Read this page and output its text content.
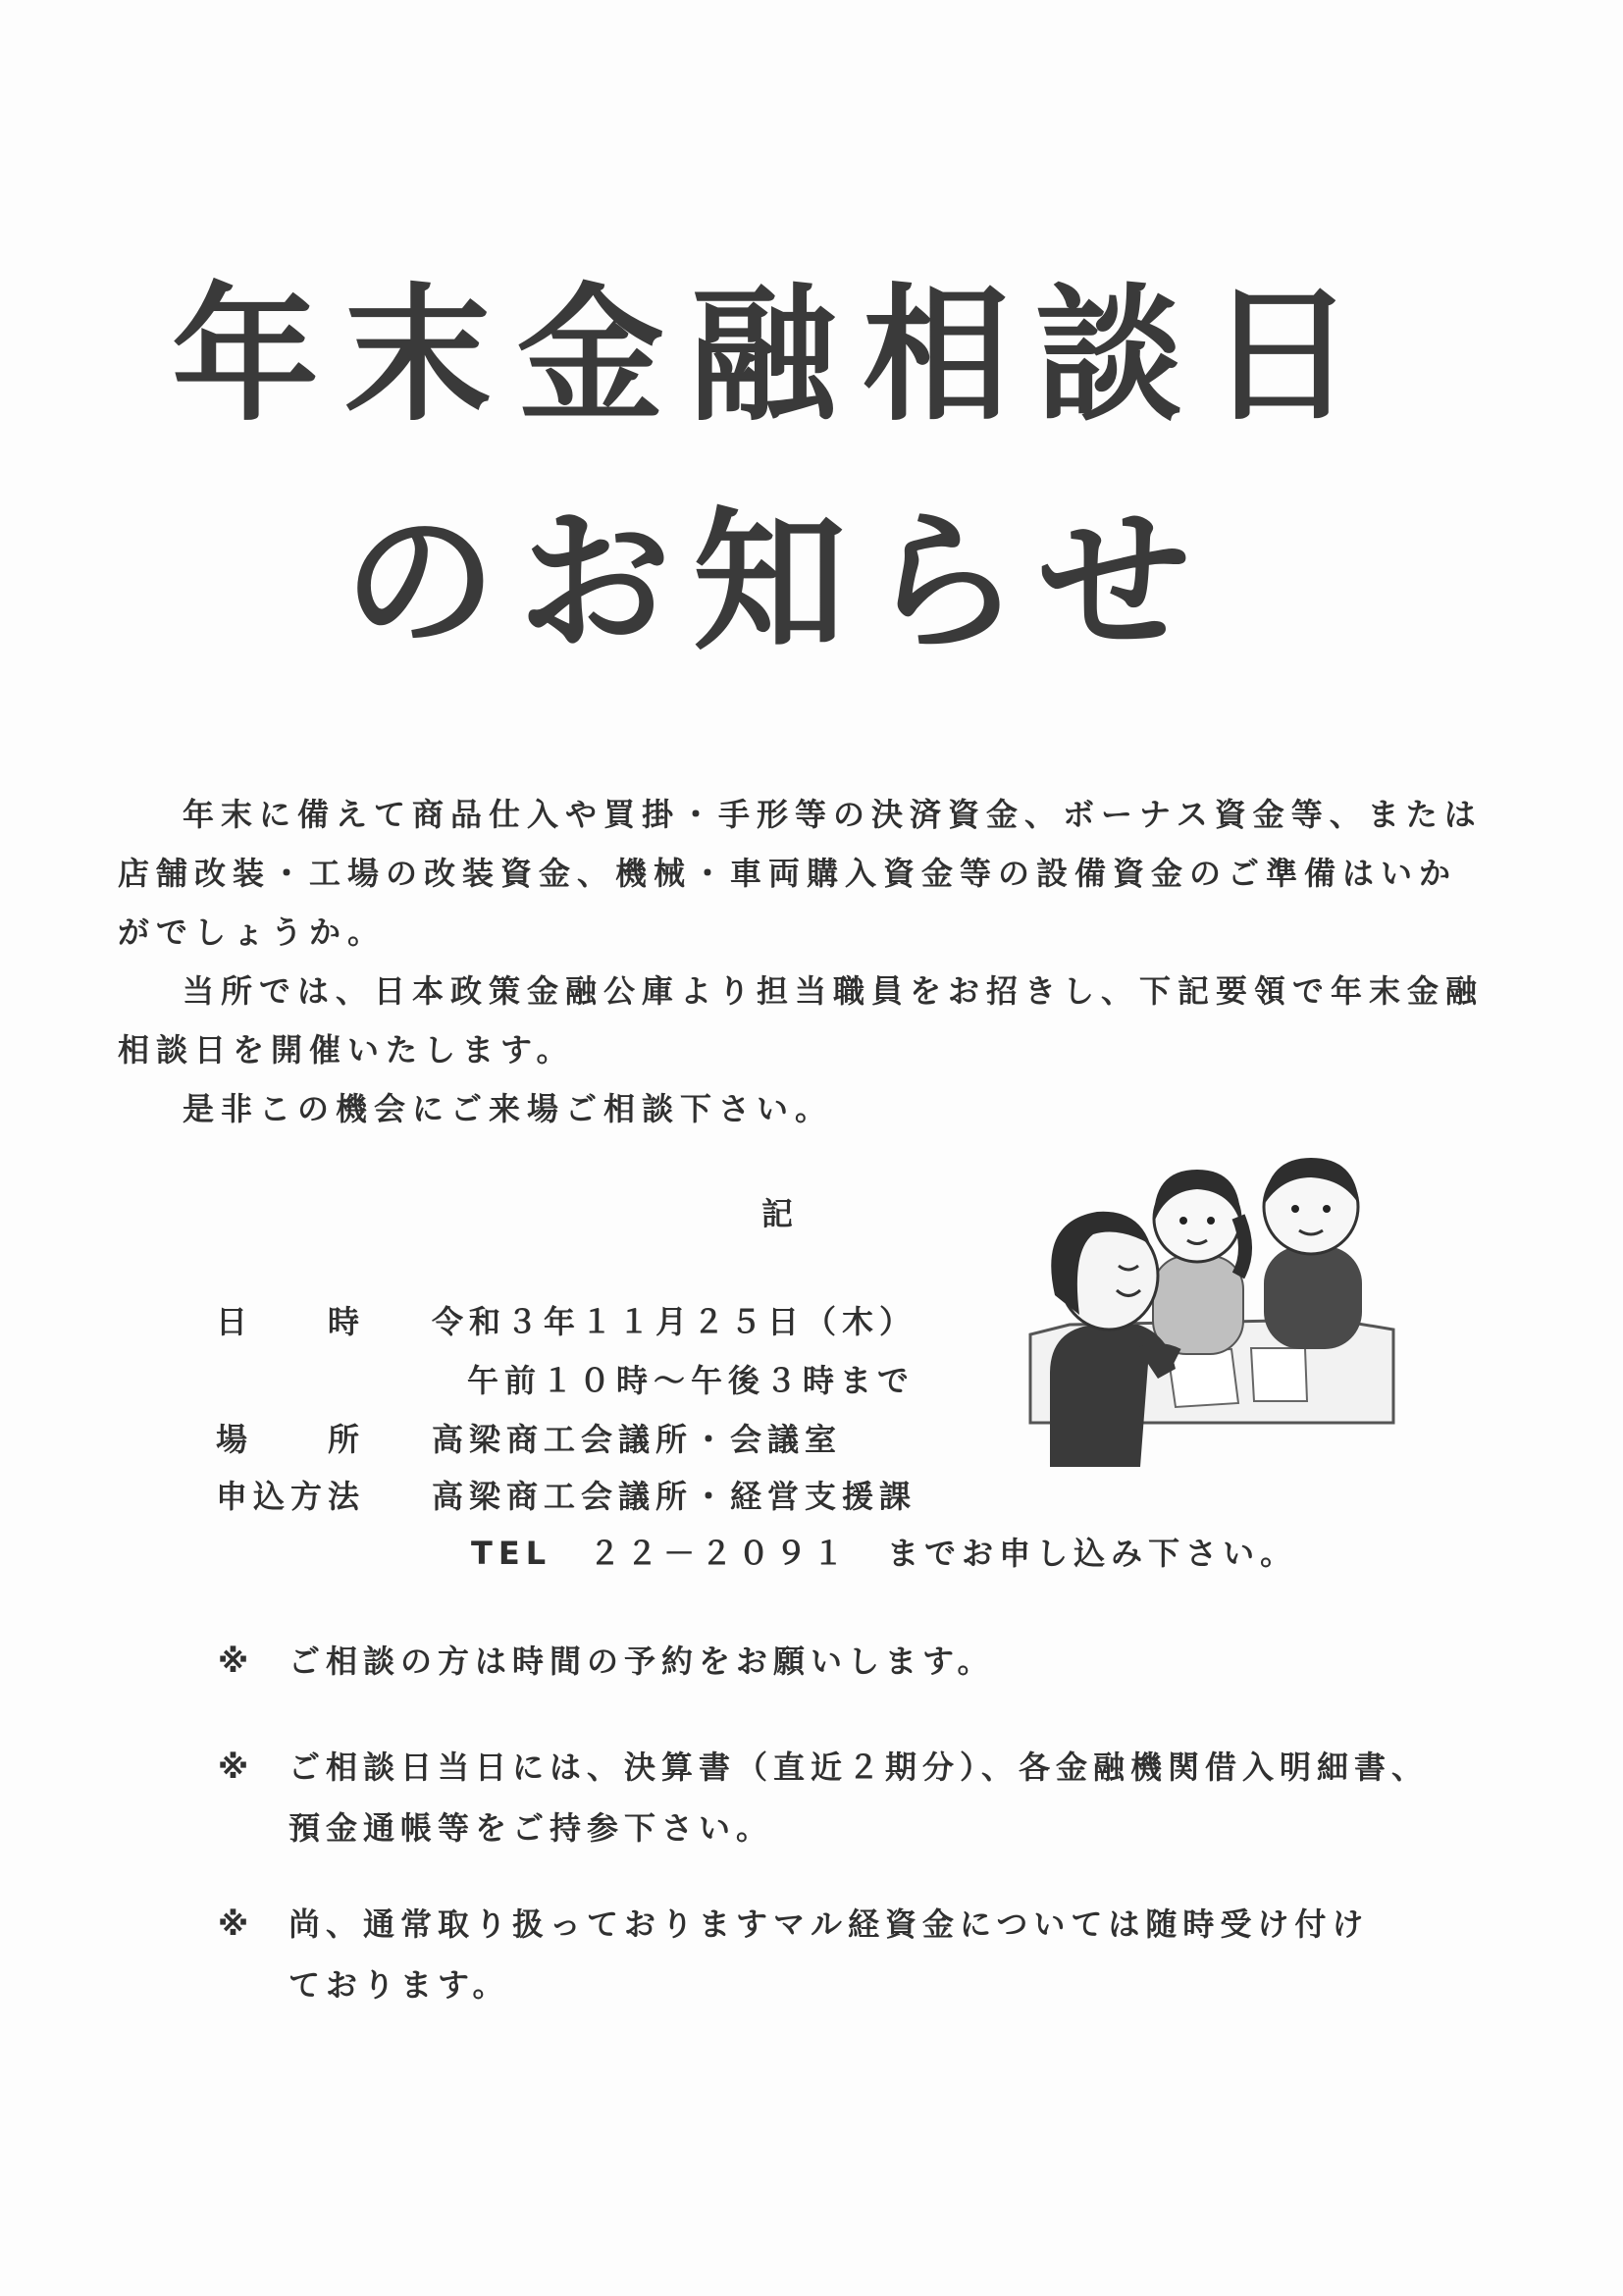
年末金融相談日
のお知らせ
年末に備えて商品仕入や買掛・手形等の決済資金、ボーナス資金等、または
店舗改装・工場の改装資金、機械・車両購入資金等の設備資金のご準備はいか
がでしょうか。
当所では、日本政策金融公庫より担当職員をお招きし、下記要領で年末金融
相談日を開催いたします。
是非この機会にご来場ご相談下さい。
記
日　　時 令和３年１１月２５日（木）
午前１０時～午後３時まで
場　　所 高梁商工会議所・会議室
申込方法 高梁商工会議所・経営支援課
TEL　２２－２０９１　までお申し込み下さい。
※ ご相談の方は時間の予約をお願いします。
※ ご相談日当日には、決算書（直近２期分）、各金融機関借入明細書、
預金通帳等をご持参下さい。
※ 尚、通常取り扱っておりますマル経資金については随時受け付け
ております。
